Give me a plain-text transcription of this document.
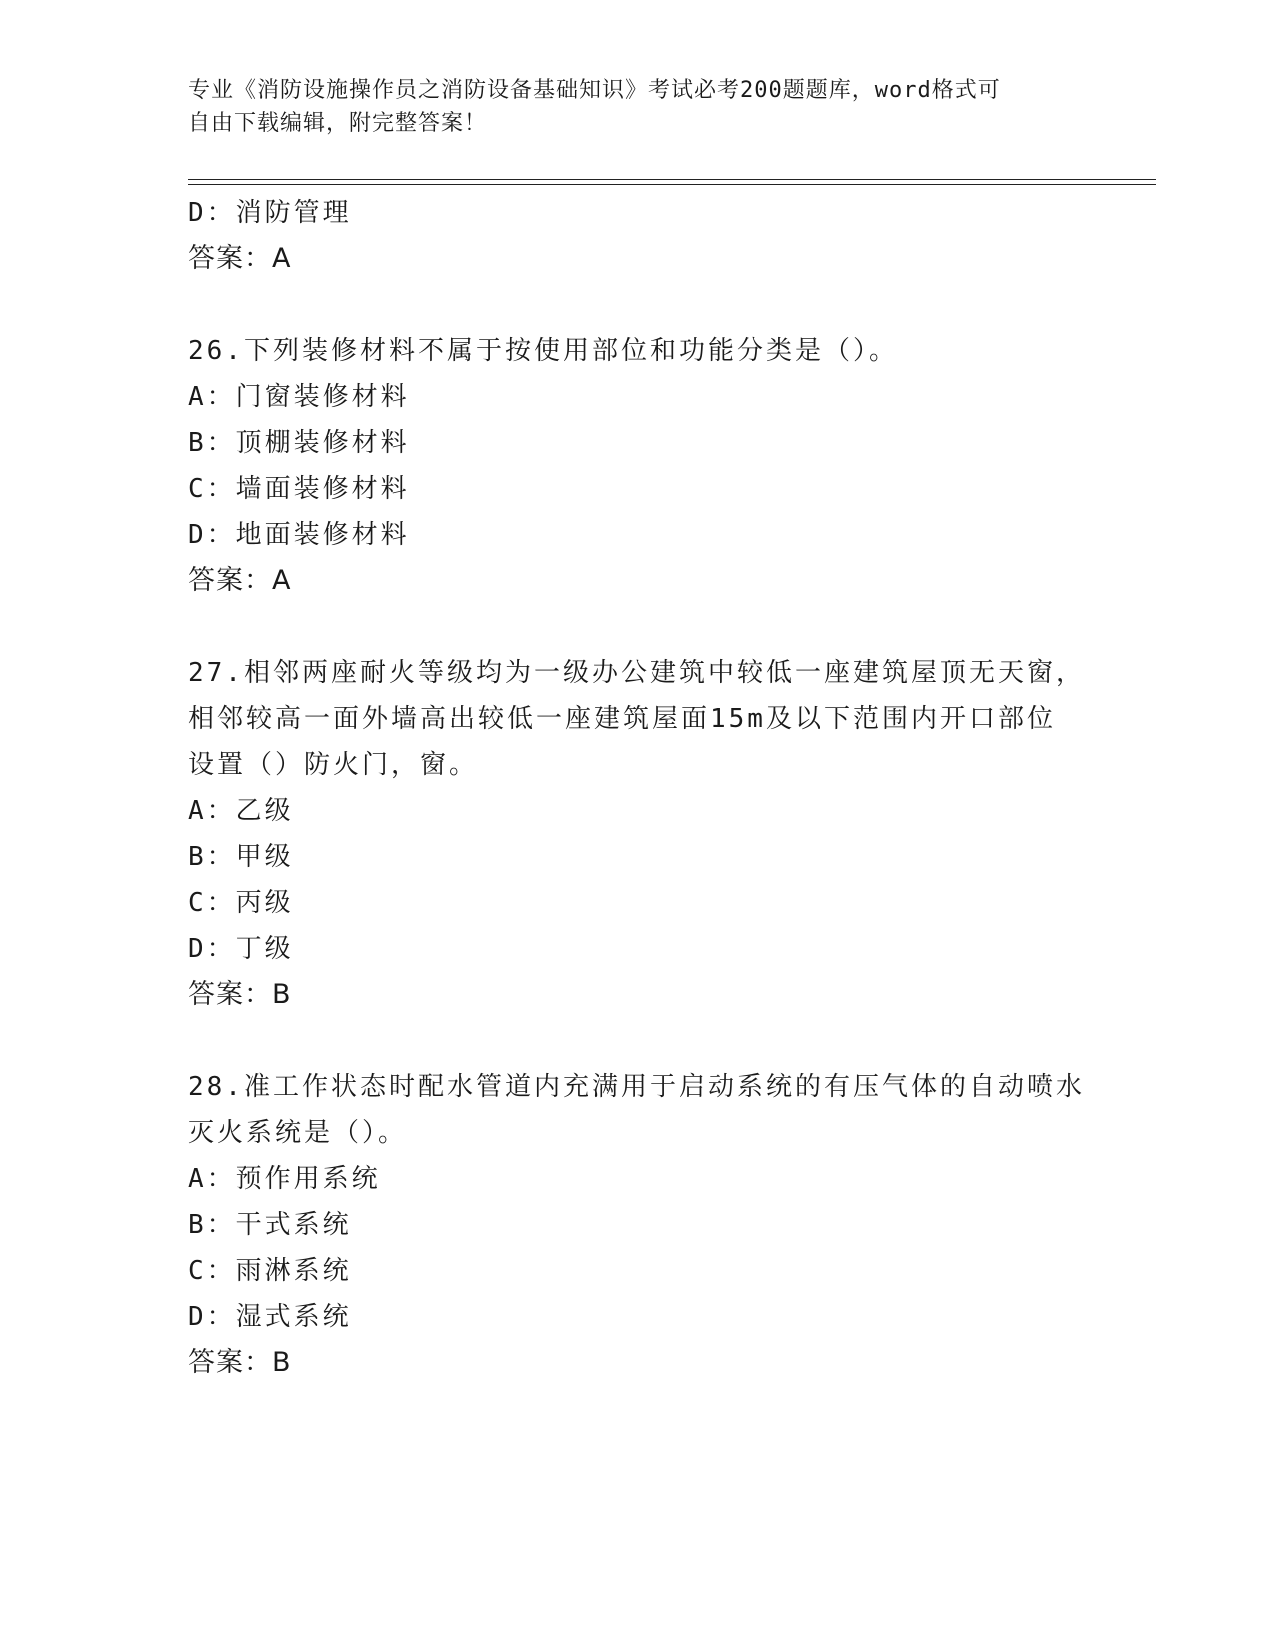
专业《消防设施操作员之消防设备基础知识》考试必考200题题库，word格式可
自由下载编辑，附完整答案！
D：消防管理
答案：A
26.下列装修材料不属于按使用部位和功能分类是（）。
A：门窗装修材料
B：顶棚装修材料
C：墙面装修材料
D：地面装修材料
答案：A
27.相邻两座耐火等级均为一级办公建筑中较低一座建筑屋顶无天窗，
相邻较高一面外墙高出较低一座建筑屋面15m及以下范围内开口部位
设置（）防火门，窗。
A：乙级
B：甲级
C：丙级
D：丁级
答案：B
28.准工作状态时配水管道内充满用于启动系统的有压气体的自动喷水
灭火系统是（）。
A：预作用系统
B：干式系统
C：雨淋系统
D：湿式系统
答案：B
